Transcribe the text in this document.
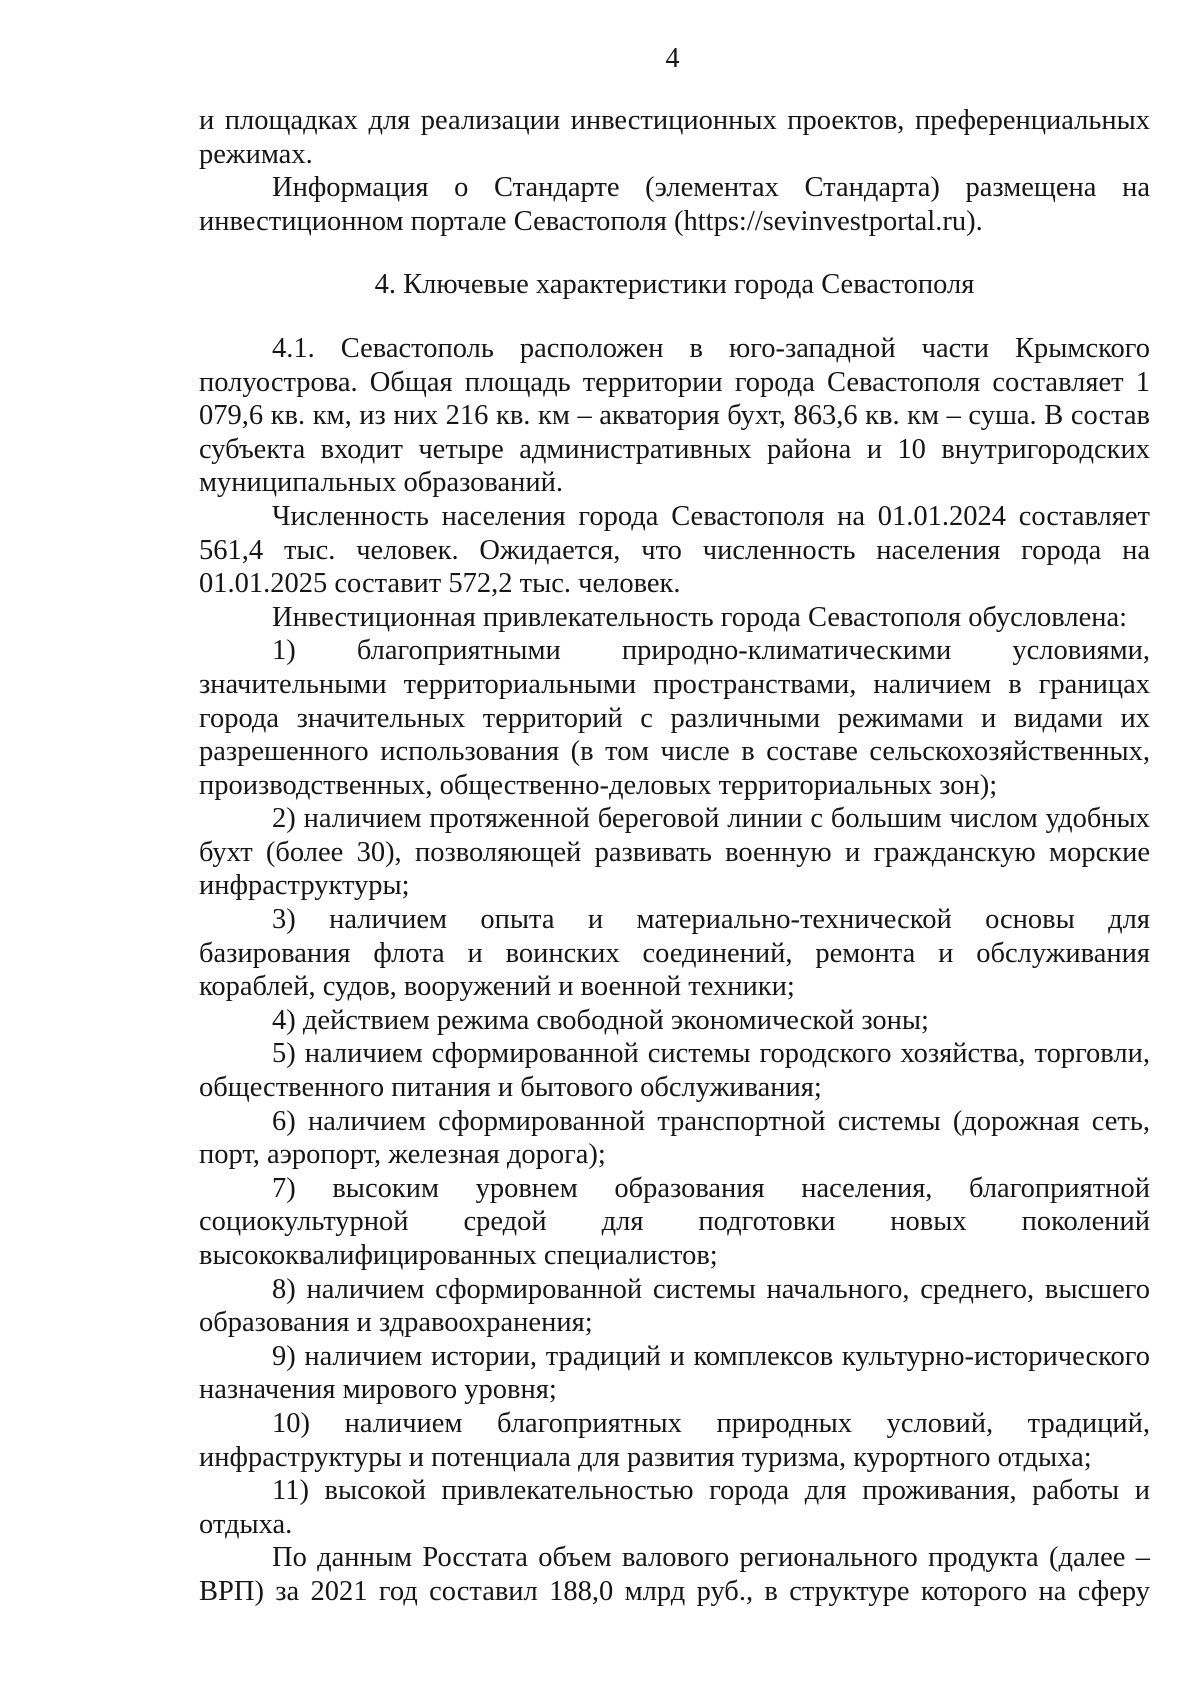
4

и площадках для реализации инвестиционных проектов, преференциальных режимах.

Информация о Стандарте (элементах Стандарта) размещена на инвестиционном портале Севастополя (https://sevinvestportal.ru).

4. Ключевые характеристики города Севастополя

4.1. Севастополь расположен в юго-западной части Крымского полуострова. Общая площадь территории города Севастополя составляет 1 079,6 кв. км, из них 216 кв. км – акватория бухт, 863,6 кв. км – суша. В состав субъекта входит четыре административных района и 10 внутригородских муниципальных образований.

Численность населения города Севастополя на 01.01.2024 составляет 561,4 тыс. человек. Ожидается, что численность населения города на 01.01.2025 составит 572,2 тыс. человек.

Инвестиционная привлекательность города Севастополя обусловлена:

1) благоприятными природно-климатическими условиями, значительными территориальными пространствами, наличием в границах города значительных территорий с различными режимами и видами их разрешенного использования (в том числе в составе сельскохозяйственных, производственных, общественно-деловых территориальных зон);

2) наличием протяженной береговой линии с большим числом удобных бухт (более 30), позволяющей развивать военную и гражданскую морские инфраструктуры;

3) наличием опыта и материально-технической основы для базирования флота и воинских соединений, ремонта и обслуживания кораблей, судов, вооружений и военной техники;

4) действием режима свободной экономической зоны;

5) наличием сформированной системы городского хозяйства, торговли, общественного питания и бытового обслуживания;

6) наличием сформированной транспортной системы (дорожная сеть, порт, аэропорт, железная дорога);

7) высоким уровнем образования населения, благоприятной социокультурной средой для подготовки новых поколений высококвалифицированных специалистов;

8) наличием сформированной системы начального, среднего, высшего образования и здравоохранения;

9) наличием истории, традиций и комплексов культурно-исторического назначения мирового уровня;

10) наличием благоприятных природных условий, традиций, инфраструктуры и потенциала для развития туризма, курортного отдыха;

11) высокой привлекательностью города для проживания, работы и отдыха.

По данным Росстата объем валового регионального продукта (далее – ВРП) за 2021 год составил 188,0 млрд руб., в структуре которого на сферу
